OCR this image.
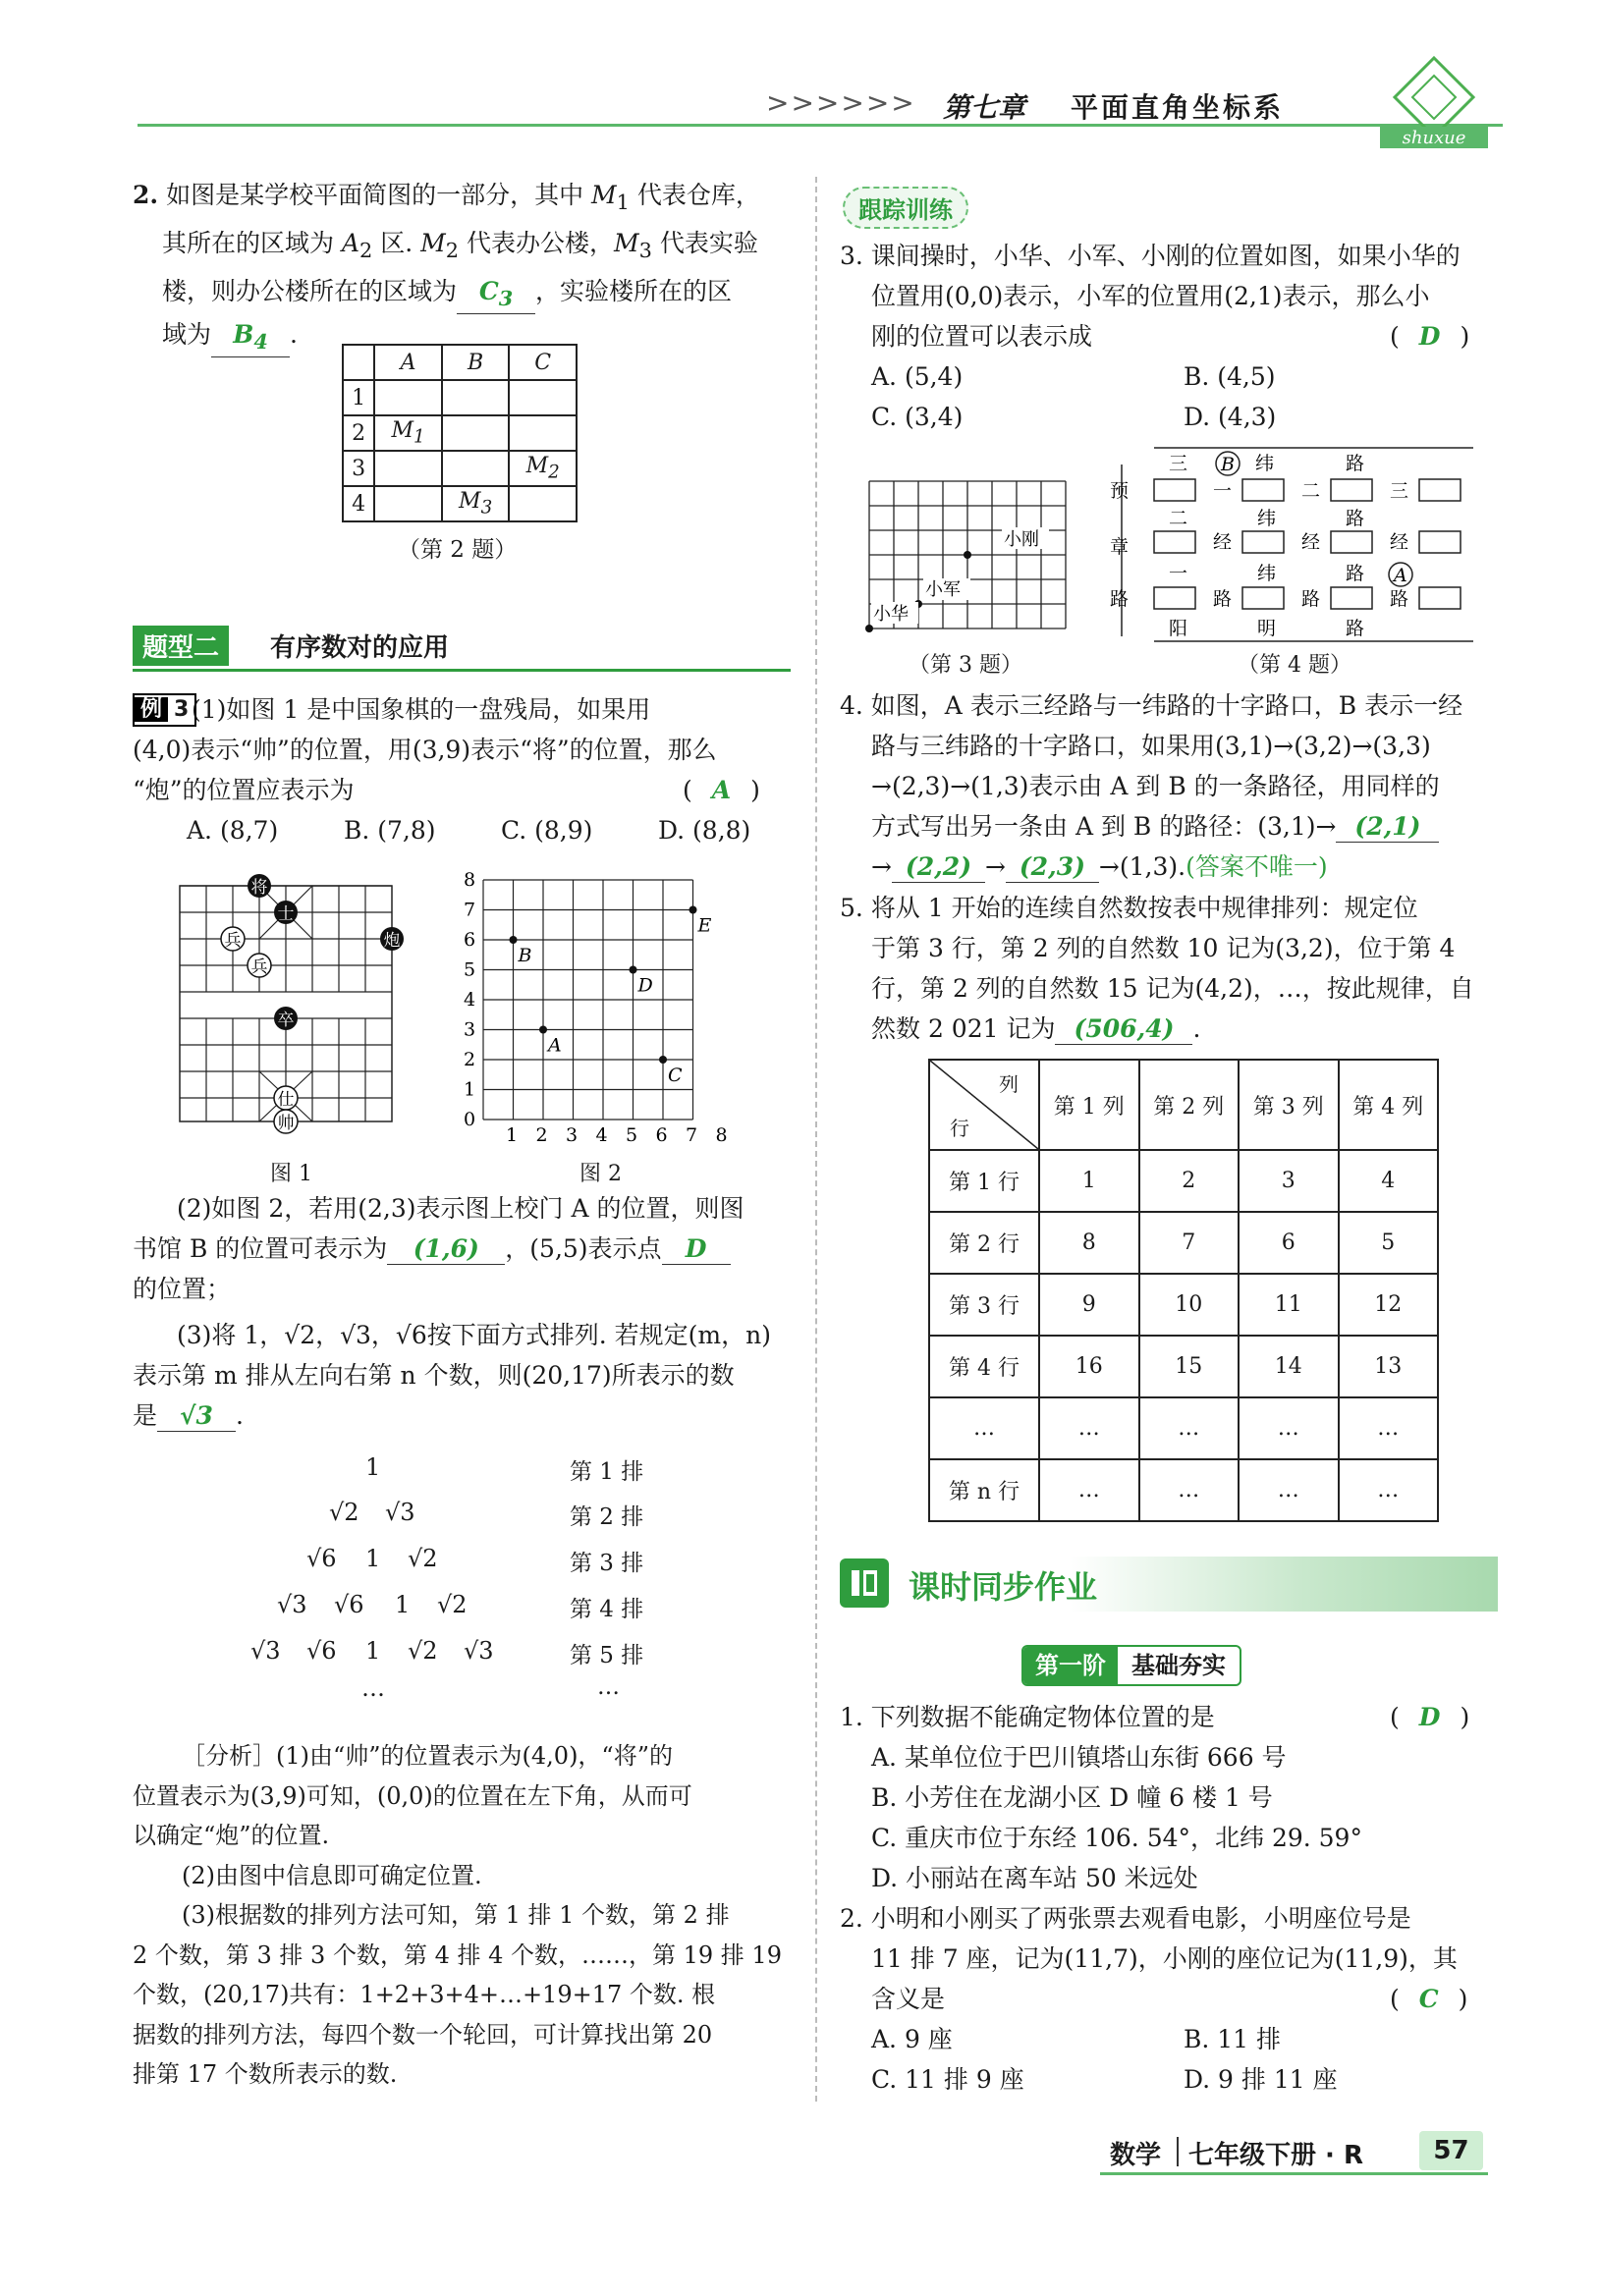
>>>>>> 第七章 平面直角坐标系
shuxue
2. 如图是某学校平面简图的一部分，其中 $M_1$ 代表仓库，
其所在的区域为 $A_2$ 区. $M_2$ 代表办公楼，$M_3$ 代表实验
楼，则办公楼所在的区域为 $C_3$ ，实验楼所在的区
域为 $B_4$ .
	A	B	C
1			
2	$M_1$		
3			$M_2$
4		$M_3$	
（第 2 题）
题型二	有序数对的应用
例 3 (1)如图 1 是中国象棋的一盘残局，如果用
(4,0)表示“帅”的位置，用(3,9)表示“将”的位置，那么
“炮”的位置应表示为	( A )
A. (8,7)	B. (7,8)	C. (8,9)	D. (8,8)
将
士
兵
兵
炮
卒
仕
帅
图 1
1 2 3 4 5 6 7 8
0
1
2
3
4
5
6
7
8
B
E
D
A
C
图 2
(2)如图 2，若用(2,3)表示图上校门 A 的位置，则图
书馆 B 的位置可表示为 (1,6) ，(5,5)表示点 D
的位置；
(3)将 1，√2，√3，√6按下面方式排列. 若规定(m，n)
表示第 m 排从左向右第 n 个数，则(20,17)所表示的数
是 √3 .
1
√2 √3
√6 1 √2
√3 √6 1 √2
√3 √6 1 √2 √3
…
第 1 排
第 2 排
第 3 排
第 4 排
第 5 排
…
［分析］(1)由“帅”的位置表示为(4,0)，“将”的
位置表示为(3,9)可知，(0,0)的位置在左下角，从而可
以确定“炮”的位置.
(2)由图中信息即可确定位置.
(3)根据数的排列方法可知，第 1 排 1 个数，第 2 排
2 个数，第 3 排 3 个数，第 4 排 4 个数，……，第 19 排 19
个数，(20,17)共有：1+2+3+4+…+19+17 个数. 根
据数的排列方法，每四个数一个轮回，可计算找出第 20
排第 17 个数所表示的数.
跟踪训练
3. 课间操时，小华、小军、小刚的位置如图，如果小华的
位置用(0,0)表示，小军的位置用(2,1)表示，那么小
刚的位置可以表示成	( D )
A. (5,4)	B. (4,5)
C. (3,4)	D. (4,3)
小刚
小军
小华
（第 3 题）
三 B 纬	路
预	一	二	三
二	纬	路
章	经	经	经
一	纬	路 A
路	路	路	路
阳	明	路
（第 4 题）
4. 如图，A 表示三经路与一纬路的十字路口，B 表示一经
路与三纬路的十字路口，如果用(3,1)→(3,2)→(3,3)
→(2,3)→(1,3)表示由 A 到 B 的一条路径，用同样的
方式写出另一条由 A 到 B 的路径：(3,1)→ (2,1)
→ (2,2) → (2,3) →(1,3).(答案不唯一)
5. 将从 1 开始的连续自然数按表中规律排列：规定位
于第 3 行，第 2 列的自然数 10 记为(3,2)，位于第 4
行，第 2 列的自然数 15 记为(4,2)，…，按此规律，自
然数 2 021 记为 (506,4) .
列
行	第 1 列	第 2 列	第 3 列	第 4 列
第 1 行	1	2	3	4
第 2 行	8	7	6	5
第 3 行	9	10	11	12
第 4 行	16	15	14	13
…	…	…	…	…
第 n 行	…	…	…	…
课时同步作业
第一阶	基础夯实
1. 下列数据不能确定物体位置的是	( D )
A. 某单位位于巴川镇塔山东街 666 号
B. 小芳住在龙湖小区 D 幢 6 楼 1 号
C. 重庆市位于东经 106. 54°，北纬 29. 59°
D. 小丽站在离车站 50 米远处
2. 小明和小刚买了两张票去观看电影，小明座位号是
11 排 7 座，记为(11,7)，小刚的座位记为(11,9)，其
含义是	( C )
A. 9 座	B. 11 排
C. 11 排 9 座	D. 9 排 11 座
数学 七年级下册 · R	57
